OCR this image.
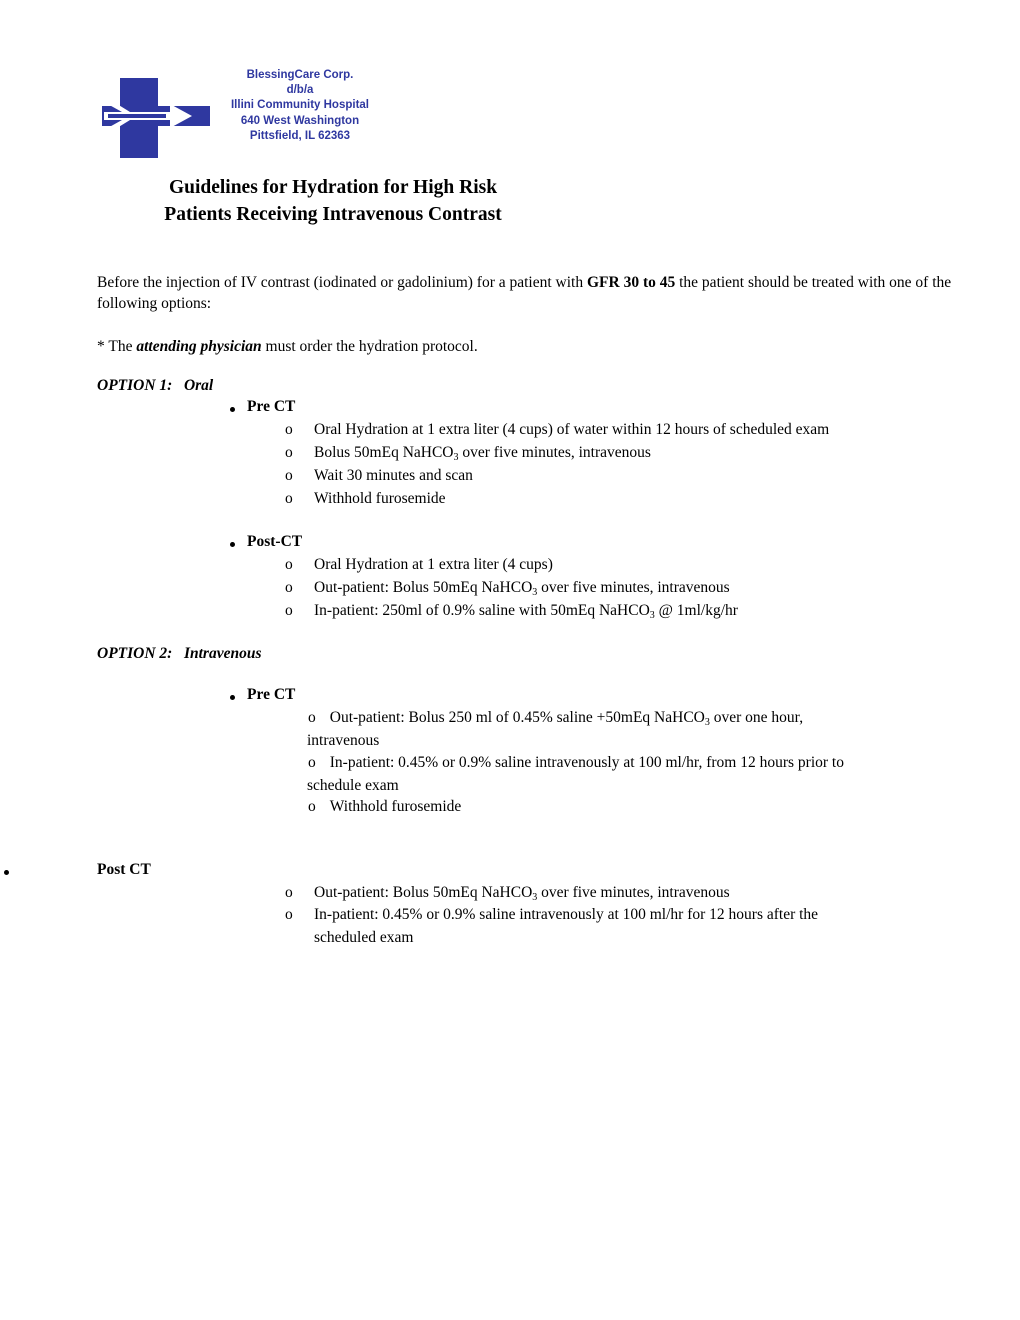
BlessingCare Corp.
d/b/a
Illini Community Hospital
640 West Washington
Pittsfield, IL 62363
Guidelines for Hydration for High Risk
Patients Receiving Intravenous Contrast
Before the injection of IV contrast (iodinated or gadolinium) for a patient with GFR 30 to 45 the patient should be treated with one of the following options:
* The attending physician must order the hydration protocol.
OPTION 1:   Oral
Pre CT
o Oral Hydration at 1 extra liter (4 cups) of water within 12 hours of scheduled exam
o Bolus 50mEq NaHCO$_3$ over five minutes, intravenous
o Wait 30 minutes and scan
o Withhold furosemide
Post-CT
o Oral Hydration at 1 extra liter (4 cups)
o Out-patient: Bolus 50mEq NaHCO$_3$ over five minutes, intravenous
o In-patient: 250ml of 0.9% saline with 50mEq NaHCO$_3$ @ 1ml/kg/hr
OPTION 2:   Intravenous
Pre CT
o Out-patient: Bolus 250 ml of 0.45% saline +50mEq NaHCO$_3$ over one hour,
intravenous
o In-patient: 0.45% or 0.9% saline intravenously at 100 ml/hr, from 12 hours prior to
schedule exam
o Withhold furosemide
Post CT
o Out-patient: Bolus 50mEq NaHCO$_3$ over five minutes, intravenous
o In-patient: 0.45% or 0.9% saline intravenously at 100 ml/hr for 12 hours after the
scheduled exam
